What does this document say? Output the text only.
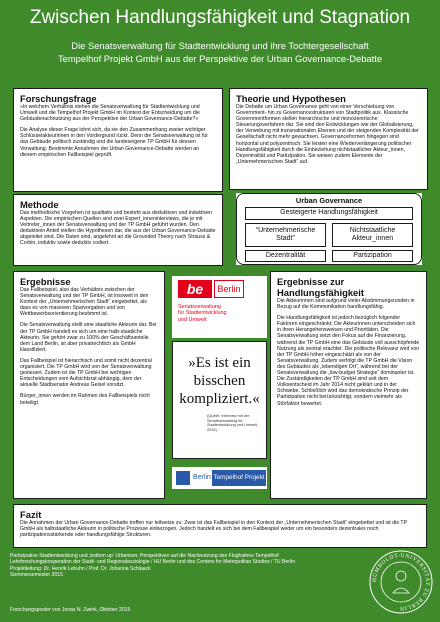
Zwischen Handlungsfähigkeit und Stagnation
Die Senatsverwaltung für Stadtentwicklung und ihre Tochtergesellschaft
Tempelhof Projekt GmbH aus der Perspektive der Urban Governance-Debatte
Forschungsfrage

»In welchem Verhältnis stehen die Senatsverwaltung für Stadtentwicklung und Umwelt und die Tempelhof Projekt GmbH im Kontext der Entscheidung um die Gebäudenachnutzung aus der Perspektive der Urban Governance-Debatte?«

Die Analyse dieser Frage lohnt sich, da sie den Zusammenhang zweier wichtiger Schlüsselakteurinnen in den Vordergrund rückt. Denn die Senatsverwaltung ist für das Gebäude politisch zuständig und die landeseigene TP GmbH für dessen Verwaltung. Bestimmte Annahmen der Urban Governance-Debatte werden an diesem empirischen Fallbeispiel geprüft.

Theorie und Hypothesen

Die Debatte um Urban Governance geht von einer Verschiebung von Government- hin zu Governancestrukturen von Stadtpolitik aus. Klassische Governmentformen stellen hierarchische und monozentrische Steuerungsverfahren dar. Sie sind den Entwicklungen wie der Globalisierung, der Verwebung mit transnationalen Ebenen und der steigenden Komplexität der Gesellschaft nicht mehr gewachsen. Governanceformen hingegen sind horizontal und polyzentrisch. Sie leisten eine Wiederverlängerung politischer Handlungsfähigkeit durch die Einbeziehung nichtstaatlicher Akteur_innen, Dezentralität und Partizipation. Sie weisen zudem Elemente der „Unternehmerischen Stadt“ auf.

Methode

Das methodische Vorgehen ist qualitativ und besteht aus deduktiven und induktiven Aspekten. Die empirischen Quellen sind zwei Expert_inneninterviews, die je mit Vertreter_innen der Senatsverwaltung und der TP GmbH geführt wurden. Den deduktiven Anteil stellen die Hypothesen dar, die aus der Urban Governance-Debatte abgeleitet sind. Die Daten sind, angelehnt an die Grounded Theory nach Strauss & Corbin, induktiv sowie deduktiv codiert.

Urban Governance
Gesteigerte Handlungsfähigkeit
“Unternehmerische Stadt”
Nichtstaatliche Akteur_innen
Dezentralität	Partizipation
Ergebnisse

Das Fallbeispiel, also das Verhältnis zwischen der Senatsverwaltung und der TP GmbH, ist insoweit in den Kontext der „Unternehmerischen Stadt“ eingebettet, als dass es von massiven Sparvorgaben und von Wettbewerbsorientierung bestimmt ist.

Die Senatsverwaltung stellt eine staatliche Akteurin dar. Bei der TP GmbH handelt es sich um eine halb-staatliche Akteurin. Sie gehört zwar zu 100% der Geschäftsanteile dem Land Berlin, ist aber privatrechtlich als GmbH klassifiziert.

Das Fallbeispiel ist hierarchisch und somit nicht dezentral organisiert. Die TP GmbH wird von der Senatsverwaltung gesteuert. Zudem ist die TP GmbH bei wichtigen Entscheidungen vom Aufsichtsrat abhängig, dem der aktuelle Stadtsenator Andreas Geisel vorsitzt.

Bürger_innen werden im Rahmen des Fallbeispiels nicht beteiligt.

be	Berlin
Senatsverwaltung
für Stadtentwicklung
und Umwelt
»Es ist ein bisschen kompliziert.«
(Quelle: Interview mit der Senatsverwaltung für Stadtentwicklung und Umwelt, 2015)
Berlin Tempelhof Projekt
Ergebnisse zur
Handlungsfähigkeit

Die Akteurinnen sind aufgrund vieler Abstimmungsrunden in Bezug auf die Kommunikation handlungsfähig.

Die Handlungsfähigkeit ist jedoch bezüglich folgender Faktoren eingeschränkt: Die Akteurinnen unterscheiden sich in ihren Herangehensweisen und Prioritäten. Die Senatsverwaltung setzt den Fokus auf die Finanzierung, während die TP GmbH eine das Gebäude voll ausschöpfende Nutzung als zentral erachtet. Die politische Relevanz wird von der TP GmbH höher eingeschätzt als von der Senatsverwaltung. Zudem verfolgt die TP GmbH die Vision des Gebäudes als „lebendigen Ort“, während bei der Senatsverwaltung die „low-budget Strategie“ dominanter ist. Die Zuständigkeiten der TP GmbH sind seit dem Volksentscheid im Jahr 2014 nicht geklärt und in der Schwebe. Schließlich wird das demokratische Prinzip der Partizipation nicht berücksichtigt, sondern vielmehr als Störfaktor bewertet.

Fazit

Die Annahmen der Urban Governance-Debatte treffen nur teilweise zu: Zwar ist das Fallbeispiel in den Kontext der „Unternehmerischen Stadt“ eingebettet und ist die TP GmbH als halbstaatliche Akteurin in politische Prozesse einbezogen. Jedoch handelt es sich bei dem Fallbeispiel weder um ein besonders dezentrales noch partizipationsstärkende oder handlungsfähige Strukturen.

Partizipative Stadtentwicklung und ‚bottom up‘ Urbanism: Perspektiven auf die Nachnutzung des Flughafens Tempelhof
Lehrforschungskooperation der Stadt- und Regionalsoziologie / HU Berlin und des Centers for Metropolitan Studies / TU Berlin
Projektleitung: Dr. Henrik Lebuhn / Prof. Dr. Johanna Schlaack
Sommersemester 2015
Forschungsposter von Jonas N. Zwink, Oktober 2015
HUMBOLDT-UNIVERSITÄT ZU BERLIN
